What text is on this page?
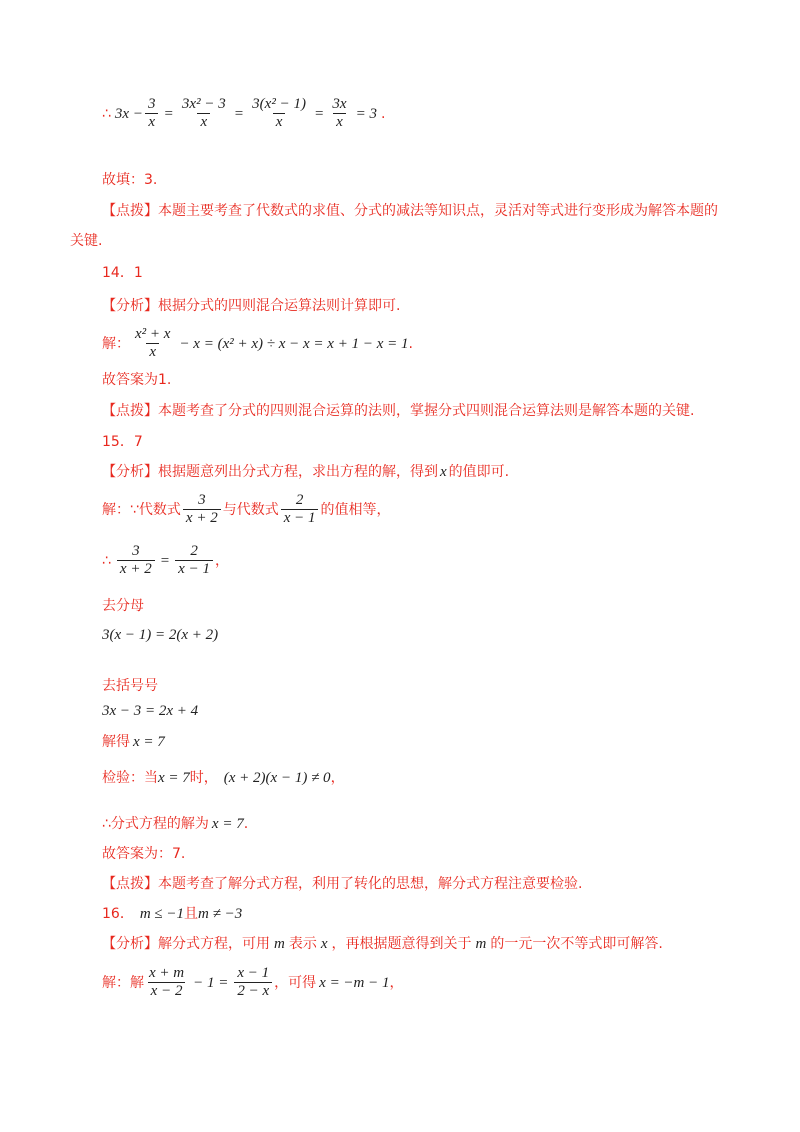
∴ $3x - \frac{3}{x} = \frac{\text{3x² − 3}}{x} = \frac{\text{3(x² − 1)}}{x} = \frac{3x}{x} = 3$ .
故填：3.
【点拨】本题主要考查了代数式的求值、分式的减法等知识点，灵活对等式进行变形成为解答本题的
关键.
14．1
【分析】根据分式的四则混合运算法则计算即可.
解： $\frac{\text{x² + x}}{x} - x = (x^2 + x) \div x - x = x + 1 - x = 1$ .
故答案为1.
【点拨】本题考查了分式的四则混合运算的法则，掌握分式四则混合运算法则是解答本题的关键.
15．7
【分析】根据题意列出分式方程，求出方程的解，得到 x 的值即可.
解：∵代数式 $\frac{3}{x + 2}$ 与代数式 $\frac{2}{x - 1}$ 的值相等，
∴ $\frac{3}{x + 2} = \frac{2}{x - 1}$ ，
去分母
3(x − 1) = 2(x + 2)
去括号号
3x − 3 = 2x + 4
解得 x = 7
检验：当x = 7时， (x + 2)(x − 1) ≠ 0，
∴分式方程的解为 x = 7.
故答案为：7.
【点拨】本题考查了解分式方程，利用了转化的思想，解分式方程注意要检验.
16． m ≤ −1且m ≠ −3
【分析】解分式方程，可用 m 表示 x ，再根据题意得到关于 m 的一元一次不等式即可解答.
解：解 $\frac{x + m}{x - 2} - 1 = \frac{x - 1}{2 - x}$ ，可得 x = −m − 1 ，
